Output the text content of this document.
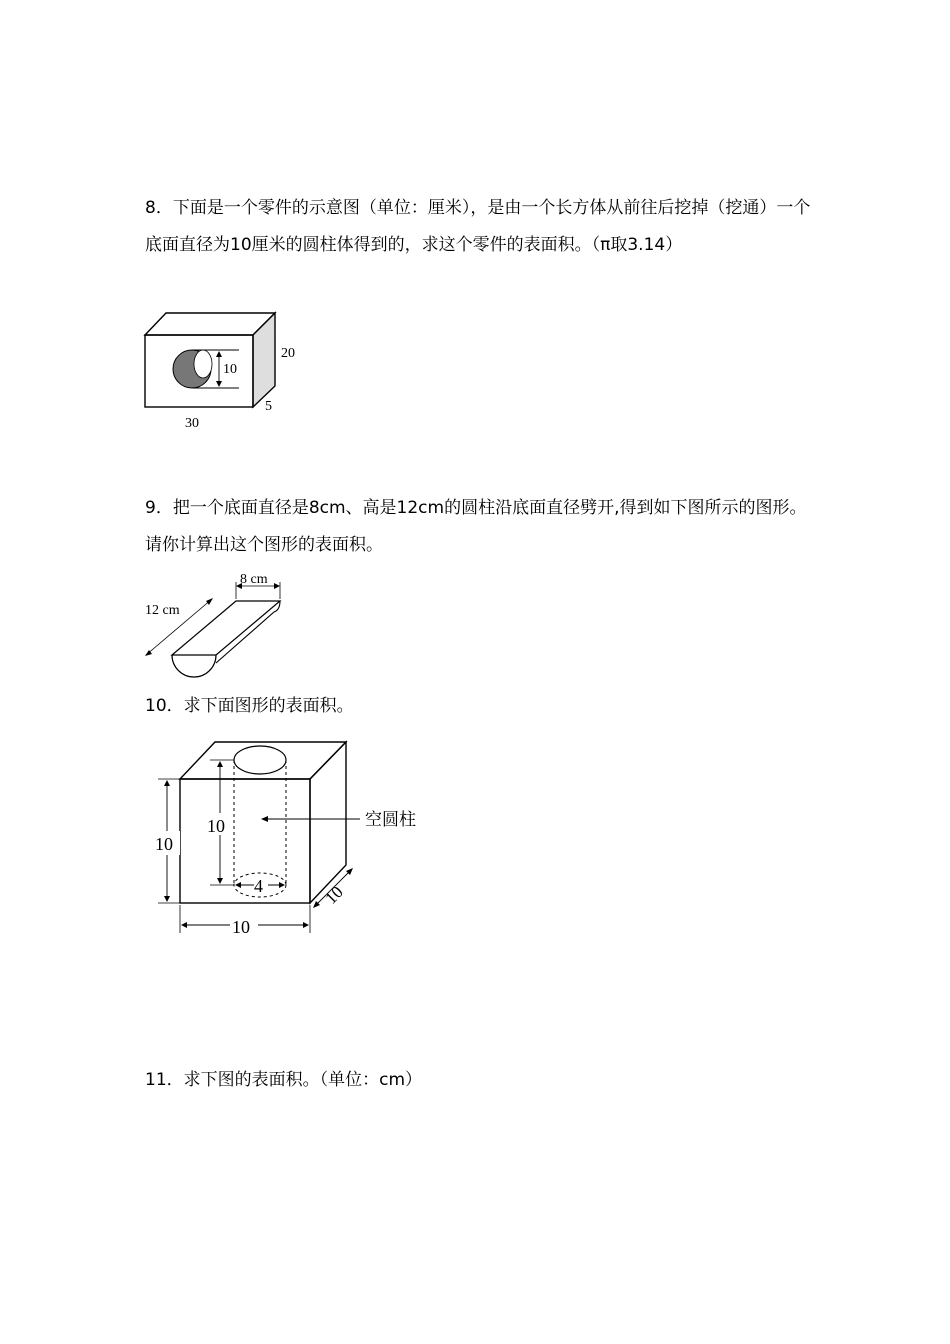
8．下面是一个零件的示意图（单位：厘米），是由一个长方体从前往后挖掉（挖通）一个底面直径为10厘米的圆柱体得到的，求这个零件的表面积。（π取3.14）

10
20
5
30

9．把一个底面直径是8cm、高是12cm的圆柱沿底面直径劈开,得到如下图所示的图形。请你计算出这个图形的表面积。

8 cm
12 cm

10．求下面图形的表面积。

4
10
10
10
10
空圆柱

11．求下图的表面积。（单位：cm）
